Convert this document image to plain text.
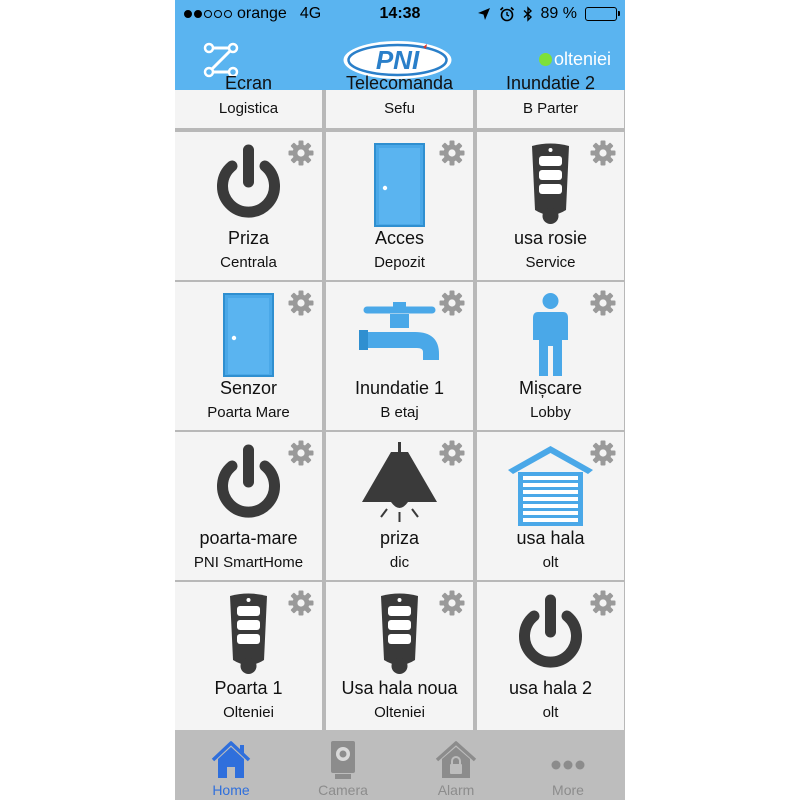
orange 4G	14:38	89 %
PNI	olteniei
Ecran
Logistica
Telecomanda
Sefu
Inundatie 2
B Parter
Priza
Centrala
Acces
Depozit
usa rosie
Service
Senzor
Poarta Mare
Inundatie 1
B etaj
Mișcare
Lobby
poarta-mare
PNI SmartHome
priza
dic
usa hala
olt
Poarta 1
Olteniei
Usa hala noua
Olteniei
usa hala 2
olt
Home	Camera	Alarm	More
